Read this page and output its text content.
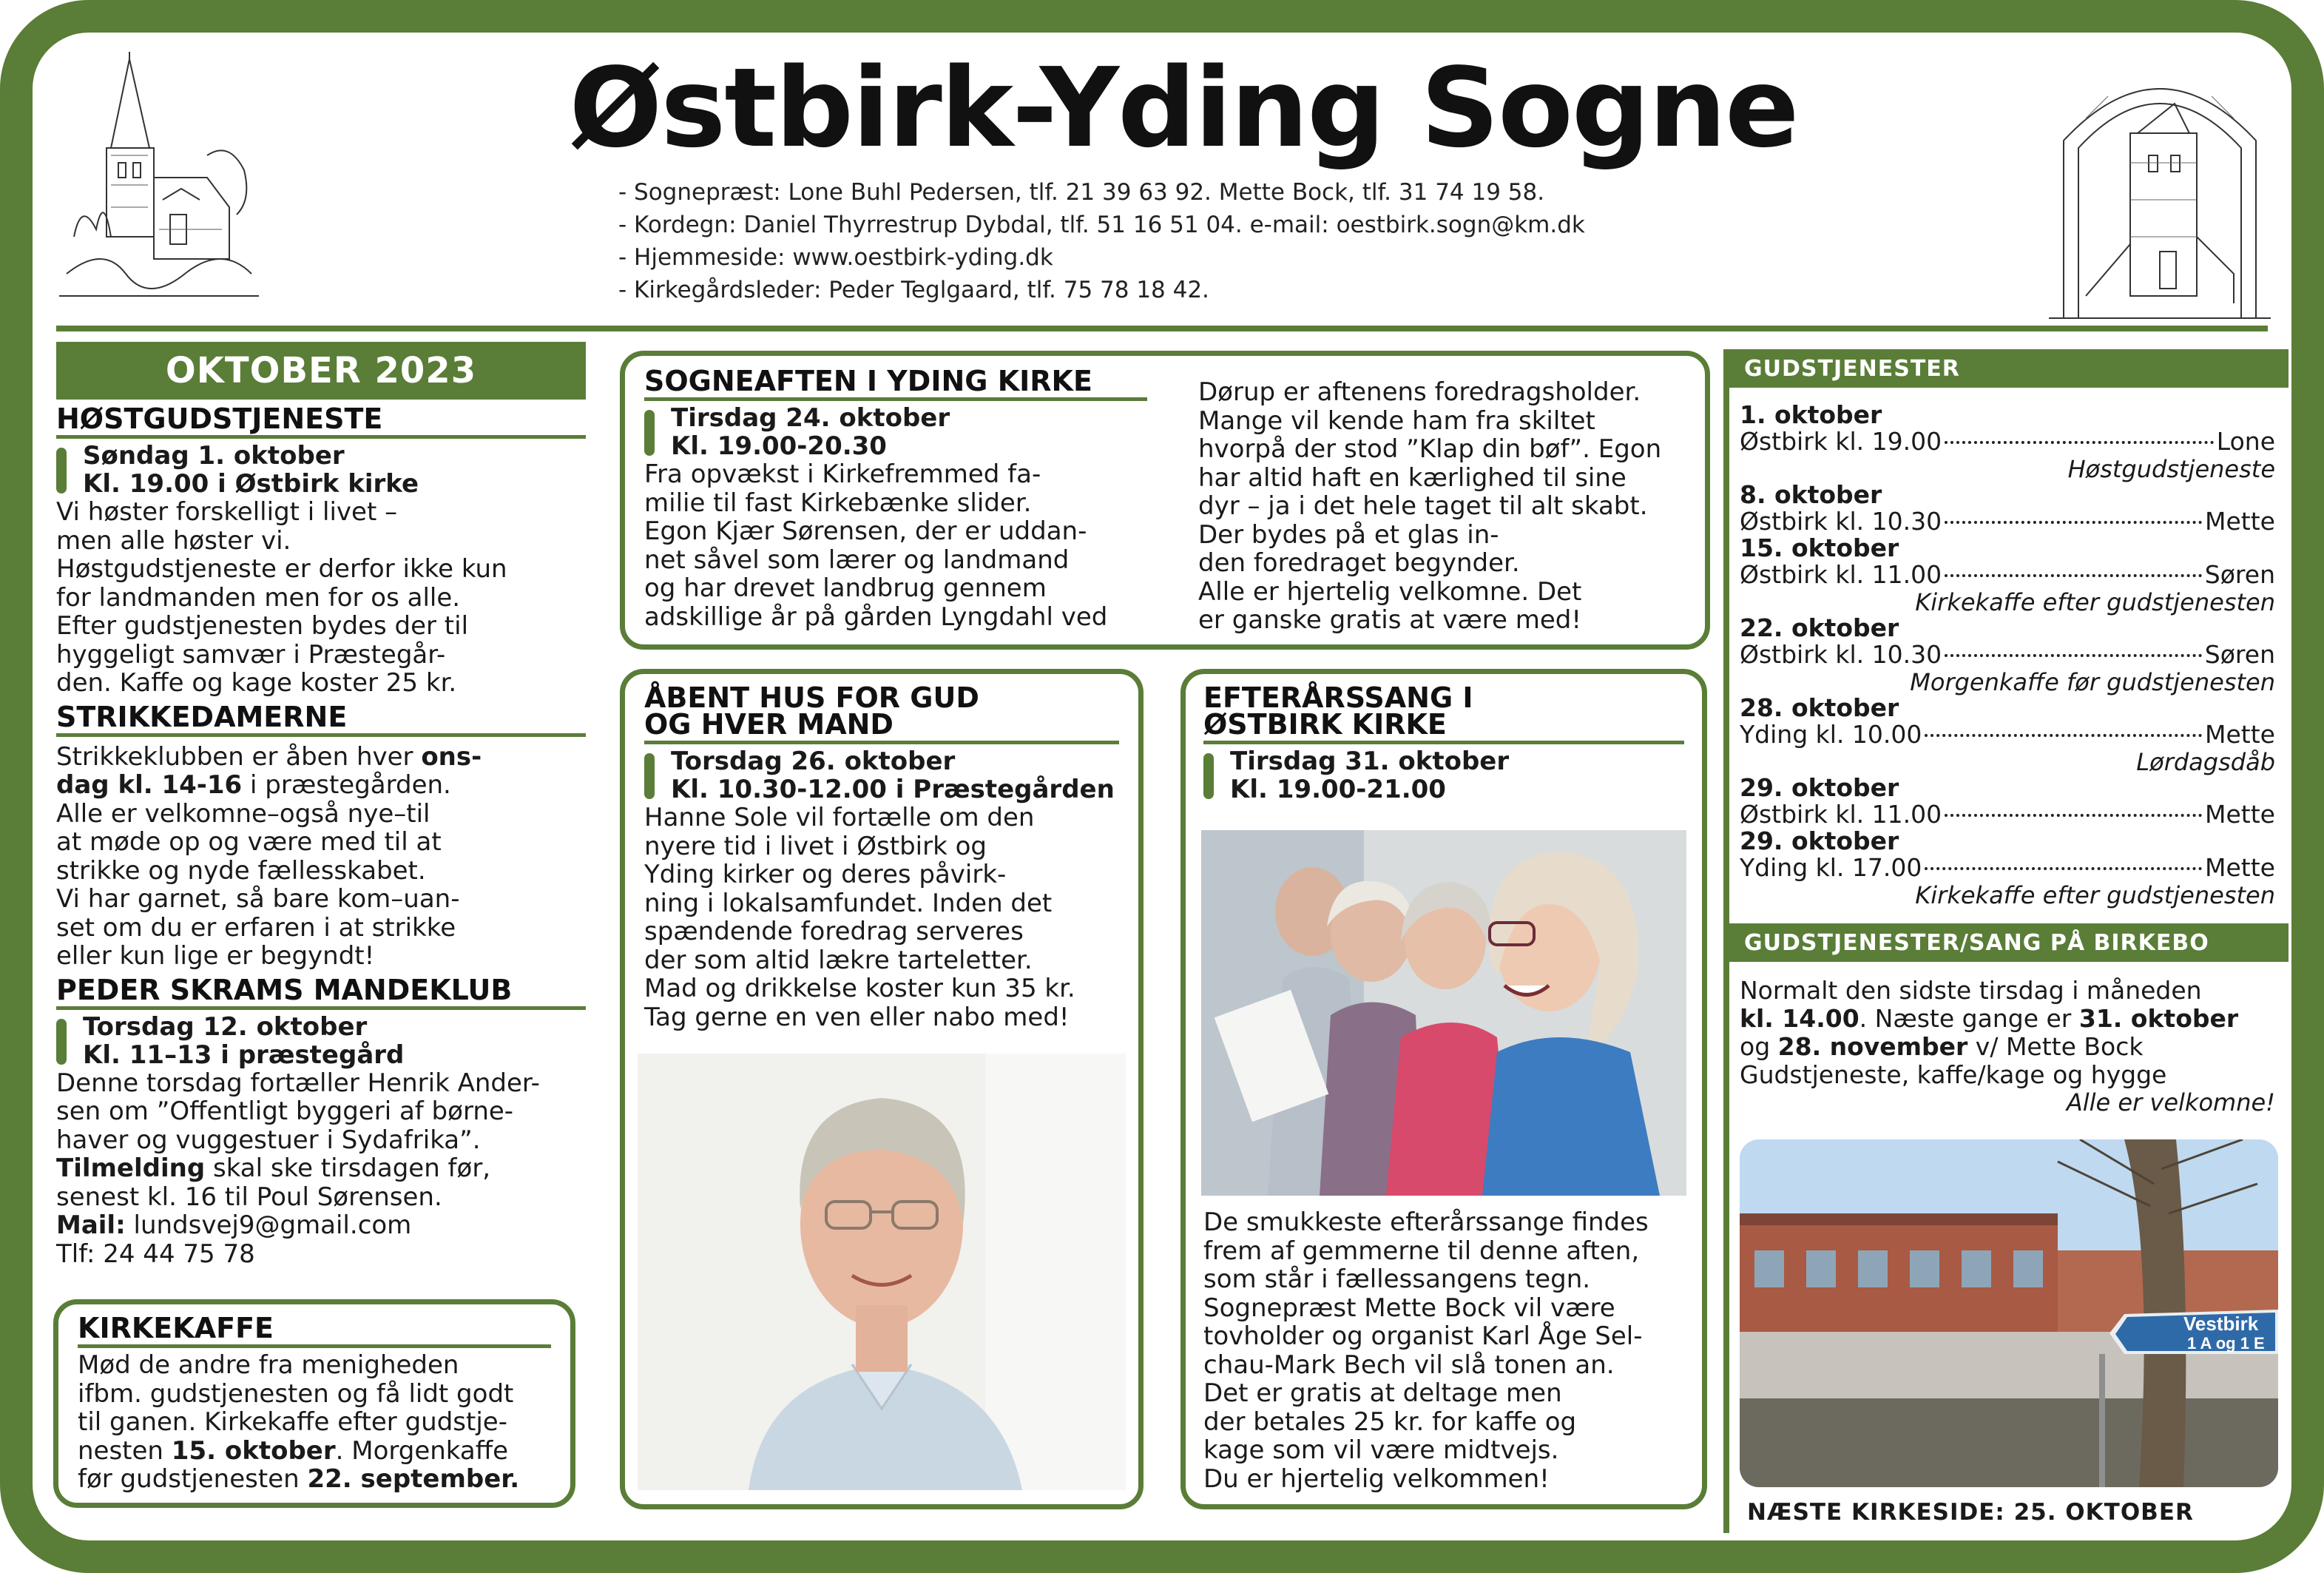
Østbirk-Yding Sogne
- Sognepræst: Lone Buhl Pedersen, tlf. 21 39 63 92. Mette Bock, tlf. 31 74 19 58.
- Kordegn: Daniel Thyrrestrup Dybdal, tlf. 51 16 51 04. e-mail: oestbirk.sogn@km.dk
- Hjemmeside: www.oestbirk-yding.dk
- Kirkegårdsleder: Peder Teglgaard, tlf. 75 78 18 42.
OKTOBER 2023
HØSTGUDSTJENESTE
Søndag 1. oktober
Kl. 19.00 i Østbirk kirke
Vi høster forskelligt i livet –
men alle høster vi.
Høstgudstjeneste er derfor ikke kun
for landmanden men for os alle.
Efter gudstjenesten bydes der til
hyggeligt samvær i Præstegår-
den. Kaffe og kage koster 25 kr.
STRIKKEDAMERNE
Strikkeklubben er åben hver ons-
dag kl. 14-16 i præstegården.
Alle er velkomne–også nye–til
at møde op og være med til at
strikke og nyde fællesskabet.
Vi har garnet, så bare kom–uan-
set om du er erfaren i at strikke
eller kun lige er begyndt!
PEDER SKRAMS MANDEKLUB
Torsdag 12. oktober
Kl. 11–13 i præstegård
Denne torsdag fortæller Henrik Ander-
sen om ”Offentligt byggeri af børne-
haver og vuggestuer i Sydafrika”.
Tilmelding skal ske tirsdagen før,
senest kl. 16 til Poul Sørensen.
Mail: lundsvej9@gmail.com
Tlf: 24 44 75 78
KIRKEKAFFE
Mød de andre fra menigheden
ifbm. gudstjenesten og få lidt godt
til ganen. Kirkekaffe efter gudstje-
nesten 15. oktober. Morgenkaffe
før gudstjenesten 22. september.
SOGNEAFTEN I YDING KIRKE
Tirsdag 24. oktober
Kl. 19.00-20.30
Fra opvækst i Kirkefremmed fa-
milie til fast Kirkebænke slider.
Egon Kjær Sørensen, der er uddan-
net såvel som lærer og landmand
og har drevet landbrug gennem
adskillige år på gården Lyngdahl ved
Dørup er aftenens foredragsholder.
Mange vil kende ham fra skiltet
hvorpå der stod ”Klap din bøf”. Egon
har altid haft en kærlighed til sine
dyr – ja i det hele taget til alt skabt.
Der bydes på et glas in-
den foredraget begynder.
Alle er hjertelig velkomne. Det
er ganske gratis at være med!
ÅBENT HUS FOR GUD
OG HVER MAND
Torsdag 26. oktober
Kl. 10.30-12.00 i Præstegården
Hanne Sole vil fortælle om den
nyere tid i livet i Østbirk og
Yding kirker og deres påvirk-
ning i lokalsamfundet. Inden det
spændende foredrag serveres
der som altid lækre tarteletter.
Mad og drikkelse koster kun 35 kr.
Tag gerne en ven eller nabo med!
EFTERÅRSSANG I
ØSTBIRK KIRKE
Tirsdag 31. oktober
Kl. 19.00-21.00
De smukkeste efterårssange findes
frem af gemmerne til denne aften,
som står i fællessangens tegn.
Sognepræst Mette Bock vil være
tovholder og organist Karl Åge Sel-
chau-Mark Bech vil slå tonen an.
Det er gratis at deltage men
der betales 25 kr. for kaffe og
kage som vil være midtvejs.
Du er hjertelig velkommen!
GUDSTJENESTER
1. oktober
Østbirk kl. 19.00	Lone
Høstgudstjeneste
8. oktober
Østbirk kl. 10.30	Mette
15. oktober
Østbirk kl. 11.00	Søren
Kirkekaffe efter gudstjenesten
22. oktober
Østbirk kl. 10.30	Søren
Morgenkaffe før gudstjenesten
28. oktober
Yding kl. 10.00	Mette
Lørdagsdåb
29. oktober
Østbirk kl. 11.00	Mette
29. oktober
Yding kl. 17.00	Mette
Kirkekaffe efter gudstjenesten
GUDSTJENESTER/SANG PÅ BIRKEBO
Normalt den sidste tirsdag i måneden
kl. 14.00. Næste gange er 31. oktober
og 28. november v/ Mette Bock
Gudstjeneste, kaffe/kage og hygge
Alle er velkomne!
Vestbirk
1 A og 1 E
NÆSTE KIRKESIDE: 25. OKTOBER
